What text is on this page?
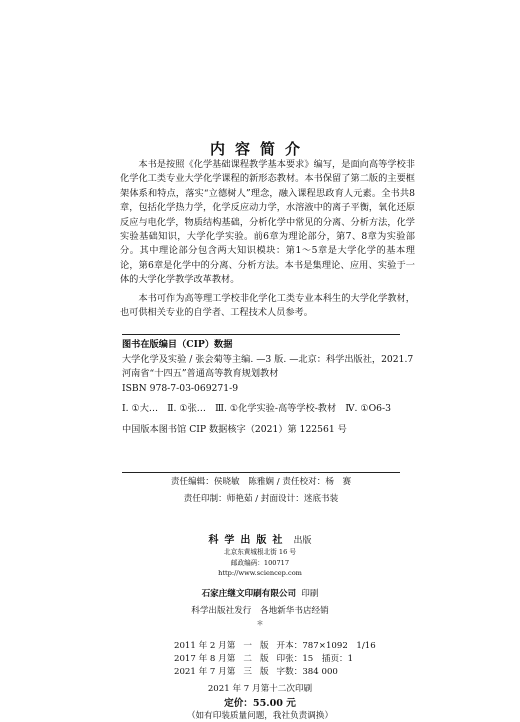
内容简介

本书是按照《化学基础课程教学基本要求》编写，是面向高等学校非化学化工类专业大学化学课程的新形态教材。本书保留了第二版的主要框架体系和特点，落实“立德树人”理念，融入课程思政育人元素。全书共8章，包括化学热力学，化学反应动力学，水溶液中的离子平衡，氧化还原反应与电化学，物质结构基础，分析化学中常见的分离、分析方法，化学实验基础知识，大学化学实验。前6章为理论部分，第7、8章为实验部分。其中理论部分包含两大知识模块：第1～5章是大学化学的基本理论，第6章是化学中的分离、分析方法。本书是集理论、应用、实验于一体的大学化学教学改革教材。

本书可作为高等理工学校非化学化工类专业本科生的大学化学教材，也可供相关专业的自学者、工程技术人员参考。

图书在版编目（CIP）数据
大学化学及实验 / 张会菊等主编. —3 版. —北京：科学出版社，2021.7
河南省“十四五”普通高等教育规划教材
ISBN 978-7-03-069271-9
Ⅰ. ①大…　Ⅱ. ①张…　Ⅲ. ①化学实验-高等学校-教材　Ⅳ. ①O6-3
中国版本图书馆 CIP 数据核字（2021）第 122561 号
责任编辑：侯晓敏　陈雅娴 / 责任校对：杨　赛
责任印制：师艳茹 / 封面设计：迷底书装
科学出版社 出版
北京东黄城根北街 16 号
邮政编码：100717
http://www.sciencep.com
石家庄继文印刷有限公司 印刷
科学出版社发行　各地新华书店经销
＊
2011 年 2 月第	一	版	开本：787×1092　1/16
2017 年 8 月第	二	版	印张：15　插页：1
2021 年 7 月第	三	版	字数：384 000
2021 年 7 月第十二次印刷
定价：55.00 元
（如有印装质量问题，我社负责调换）
